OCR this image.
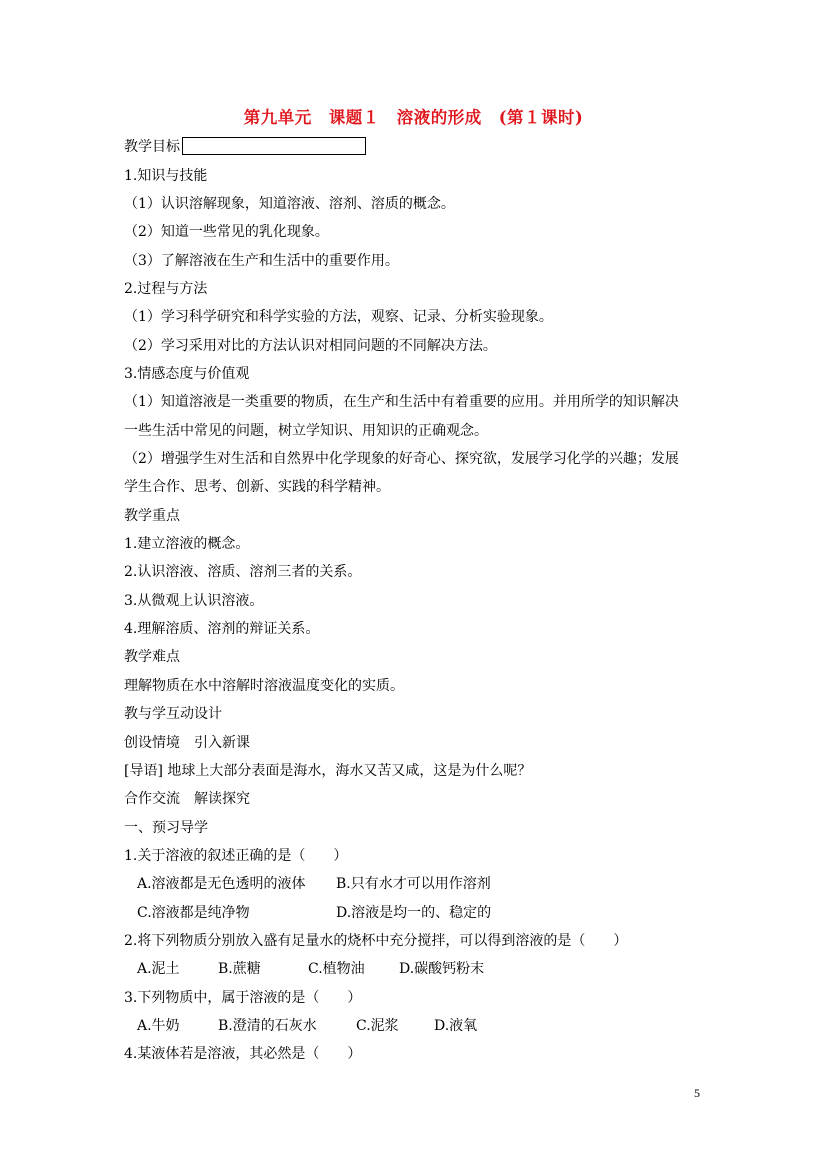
第九单元　课题１　溶液的形成　(第１课时)
教学目标
1.知识与技能
（1）认识溶解现象，知道溶液、溶剂、溶质的概念。
（2）知道一些常见的乳化现象。
（3）了解溶液在生产和生活中的重要作用。
2.过程与方法
（1）学习科学研究和科学实验的方法，观察、记录、分析实验现象。
（2）学习采用对比的方法认识对相同问题的不同解决方法。
3.情感态度与价值观
（1）知道溶液是一类重要的物质，在生产和生活中有着重要的应用。并用所学的知识解决
一些生活中常见的问题，树立学知识、用知识的正确观念。
（2）增强学生对生活和自然界中化学现象的好奇心、探究欲，发展学习化学的兴趣；发展
学生合作、思考、创新、实践的科学精神。
教学重点
1.建立溶液的概念。
2.认识溶液、溶质、溶剂三者的关系。
3.从微观上认识溶液。
4.理解溶质、溶剂的辩证关系。
教学难点
理解物质在水中溶解时溶液温度变化的实质。
教与学互动设计
创设情境　引入新课
[导语] 地球上大部分表面是海水，海水又苦又咸，这是为什么呢？
合作交流　解读探究
一、预习导学
1.关于溶液的叙述正确的是（　　）
A.溶液都是无色透明的液体 B.只有水才可以用作溶剂
C.溶液都是纯净物	D.溶液是均一的、稳定的
2.将下列物质分别放入盛有足量水的烧杯中充分搅拌，可以得到溶液的是（　　）
A.泥土	B.蔗糖	C.植物油 D.碳酸钙粉末
3.下列物质中，属于溶液的是（　　）
A.牛奶	B.澄清的石灰水	C.泥浆	D.液氧
4.某液体若是溶液，其必然是（　　）
5
